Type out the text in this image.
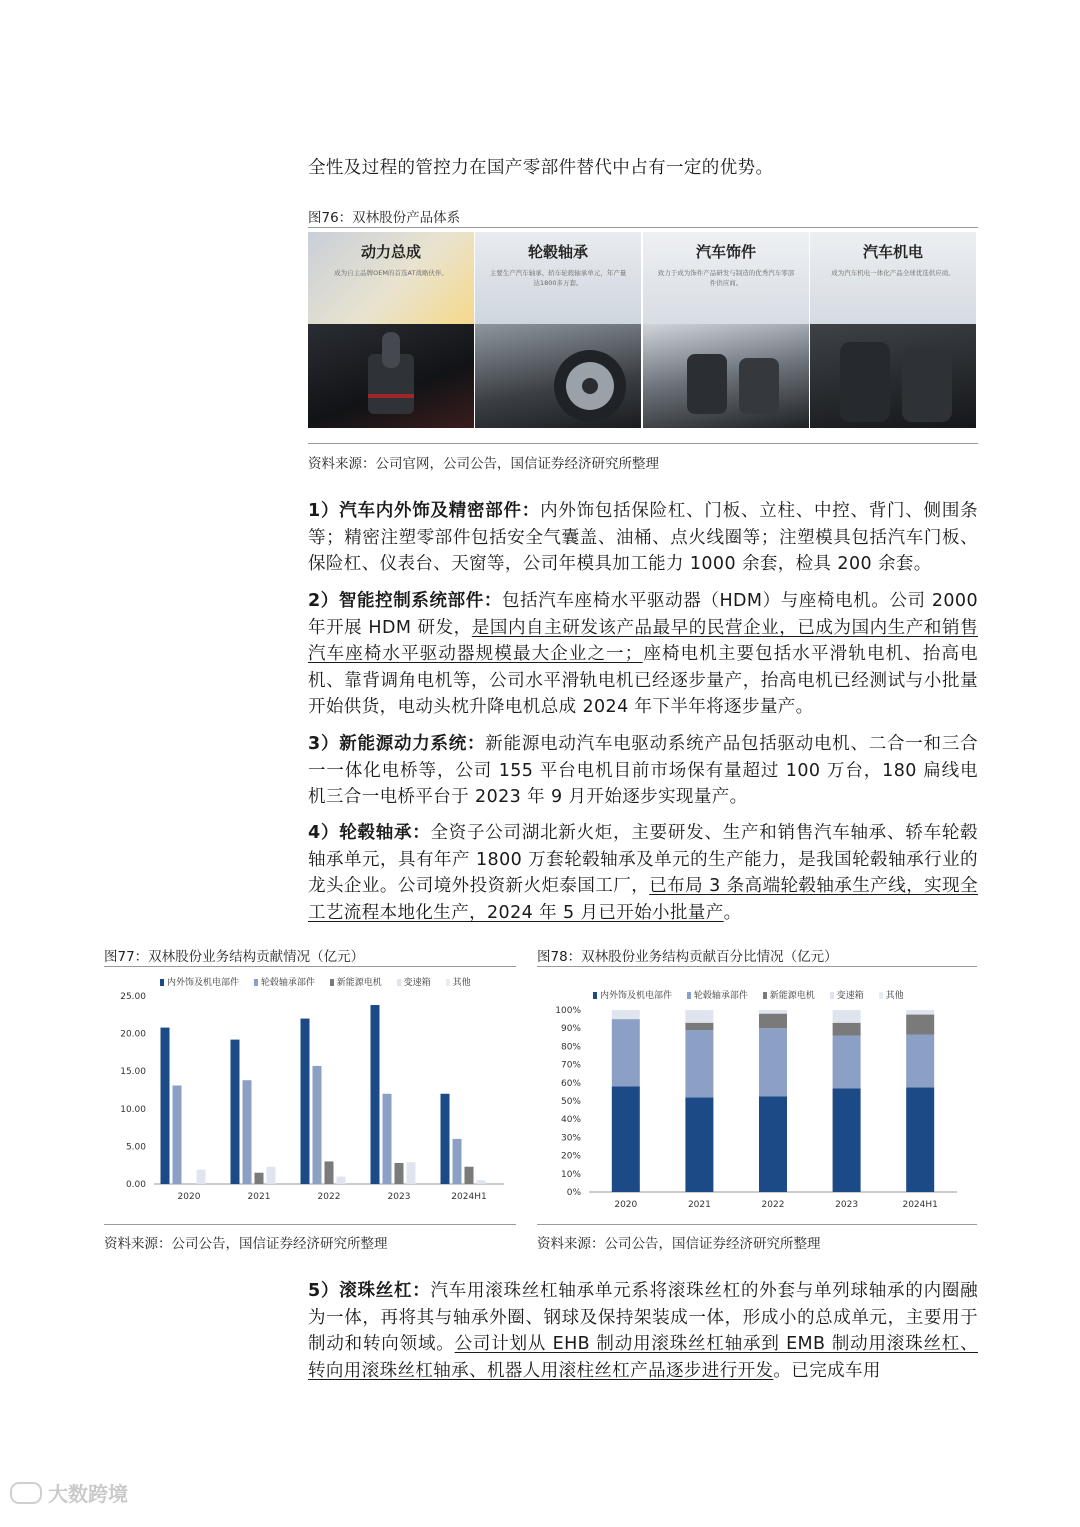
全性及过程的管控力在国产零部件替代中占有一定的优势。
图76：双林股份产品体系
动力总成
成为自主品牌OEM的首选AT战略伙伴。
轮毂轴承
主要生产汽车轴承、轿车轮毂轴承单元，年产量达1800多万套。
汽车饰件
致力于成为饰件产品研发与制造的优秀汽车零部件供应商。
汽车机电
成为汽车机电一体化产品全球优选供应商。
资料来源：公司官网，公司公告，国信证券经济研究所整理
1）汽车内外饰及精密部件：内外饰包括保险杠、门板、立柱、中控、背门、侧围条等；精密注塑零部件包括安全气囊盖、油桶、点火线圈等；注塑模具包括汽车门板、保险杠、仪表台、天窗等，公司年模具加工能力 1000 余套，检具 200 余套。
2）智能控制系统部件：包括汽车座椅水平驱动器（HDM）与座椅电机。公司 2000 年开展 HDM 研发，是国内自主研发该产品最早的民营企业，已成为国内生产和销售汽车座椅水平驱动器规模最大企业之一；座椅电机主要包括水平滑轨电机、抬高电机、靠背调角电机等，公司水平滑轨电机已经逐步量产，抬高电机已经测试与小批量开始供货，电动头枕升降电机总成 2024 年下半年将逐步量产。
3）新能源动力系统：新能源电动汽车电驱动系统产品包括驱动电机、二合一和三合一一体化电桥等，公司 155 平台电机目前市场保有量超过 100 万台，180 扁线电机三合一电桥平台于 2023 年 9 月开始逐步实现量产。
4）轮毂轴承：全资子公司湖北新火炬，主要研发、生产和销售汽车轴承、轿车轮毂轴承单元，具有年产 1800 万套轮毂轴承及单元的生产能力，是我国轮毂轴承行业的龙头企业。公司境外投资新火炬泰国工厂，已布局 3 条高端轮毂轴承生产线，实现全工艺流程本地化生产，2024 年 5 月已开始小批量产。
图77：双林股份业务结构贡献情况（亿元）
内外饰及机电部件 轮毂轴承部件 新能源电机 变速箱 其他
0.00
5.00
10.00
15.00
20.00
25.00
2020	2021	2022	2023	2024H1
资料来源：公司公告，国信证券经济研究所整理
图78：双林股份业务结构贡献百分比情况（亿元）
内外饰及机电部件 轮毂轴承部件 新能源电机 变速箱 其他
0%
10%
20%
30%
40%
50%
60%
70%
80%
90%
100%
2020	2021	2022	2023	2024H1
资料来源：公司公告，国信证券经济研究所整理
5）滚珠丝杠：汽车用滚珠丝杠轴承单元系将滚珠丝杠的外套与单列球轴承的内圈融为一体，再将其与轴承外圈、钢球及保持架装成一体，形成小的总成单元，主要用于制动和转向领域。公司计划从 EHB 制动用滚珠丝杠轴承到 EMB 制动用滚珠丝杠、转向用滚珠丝杠轴承、机器人用滚柱丝杠产品逐步进行开发。已完成车用
大数跨境
